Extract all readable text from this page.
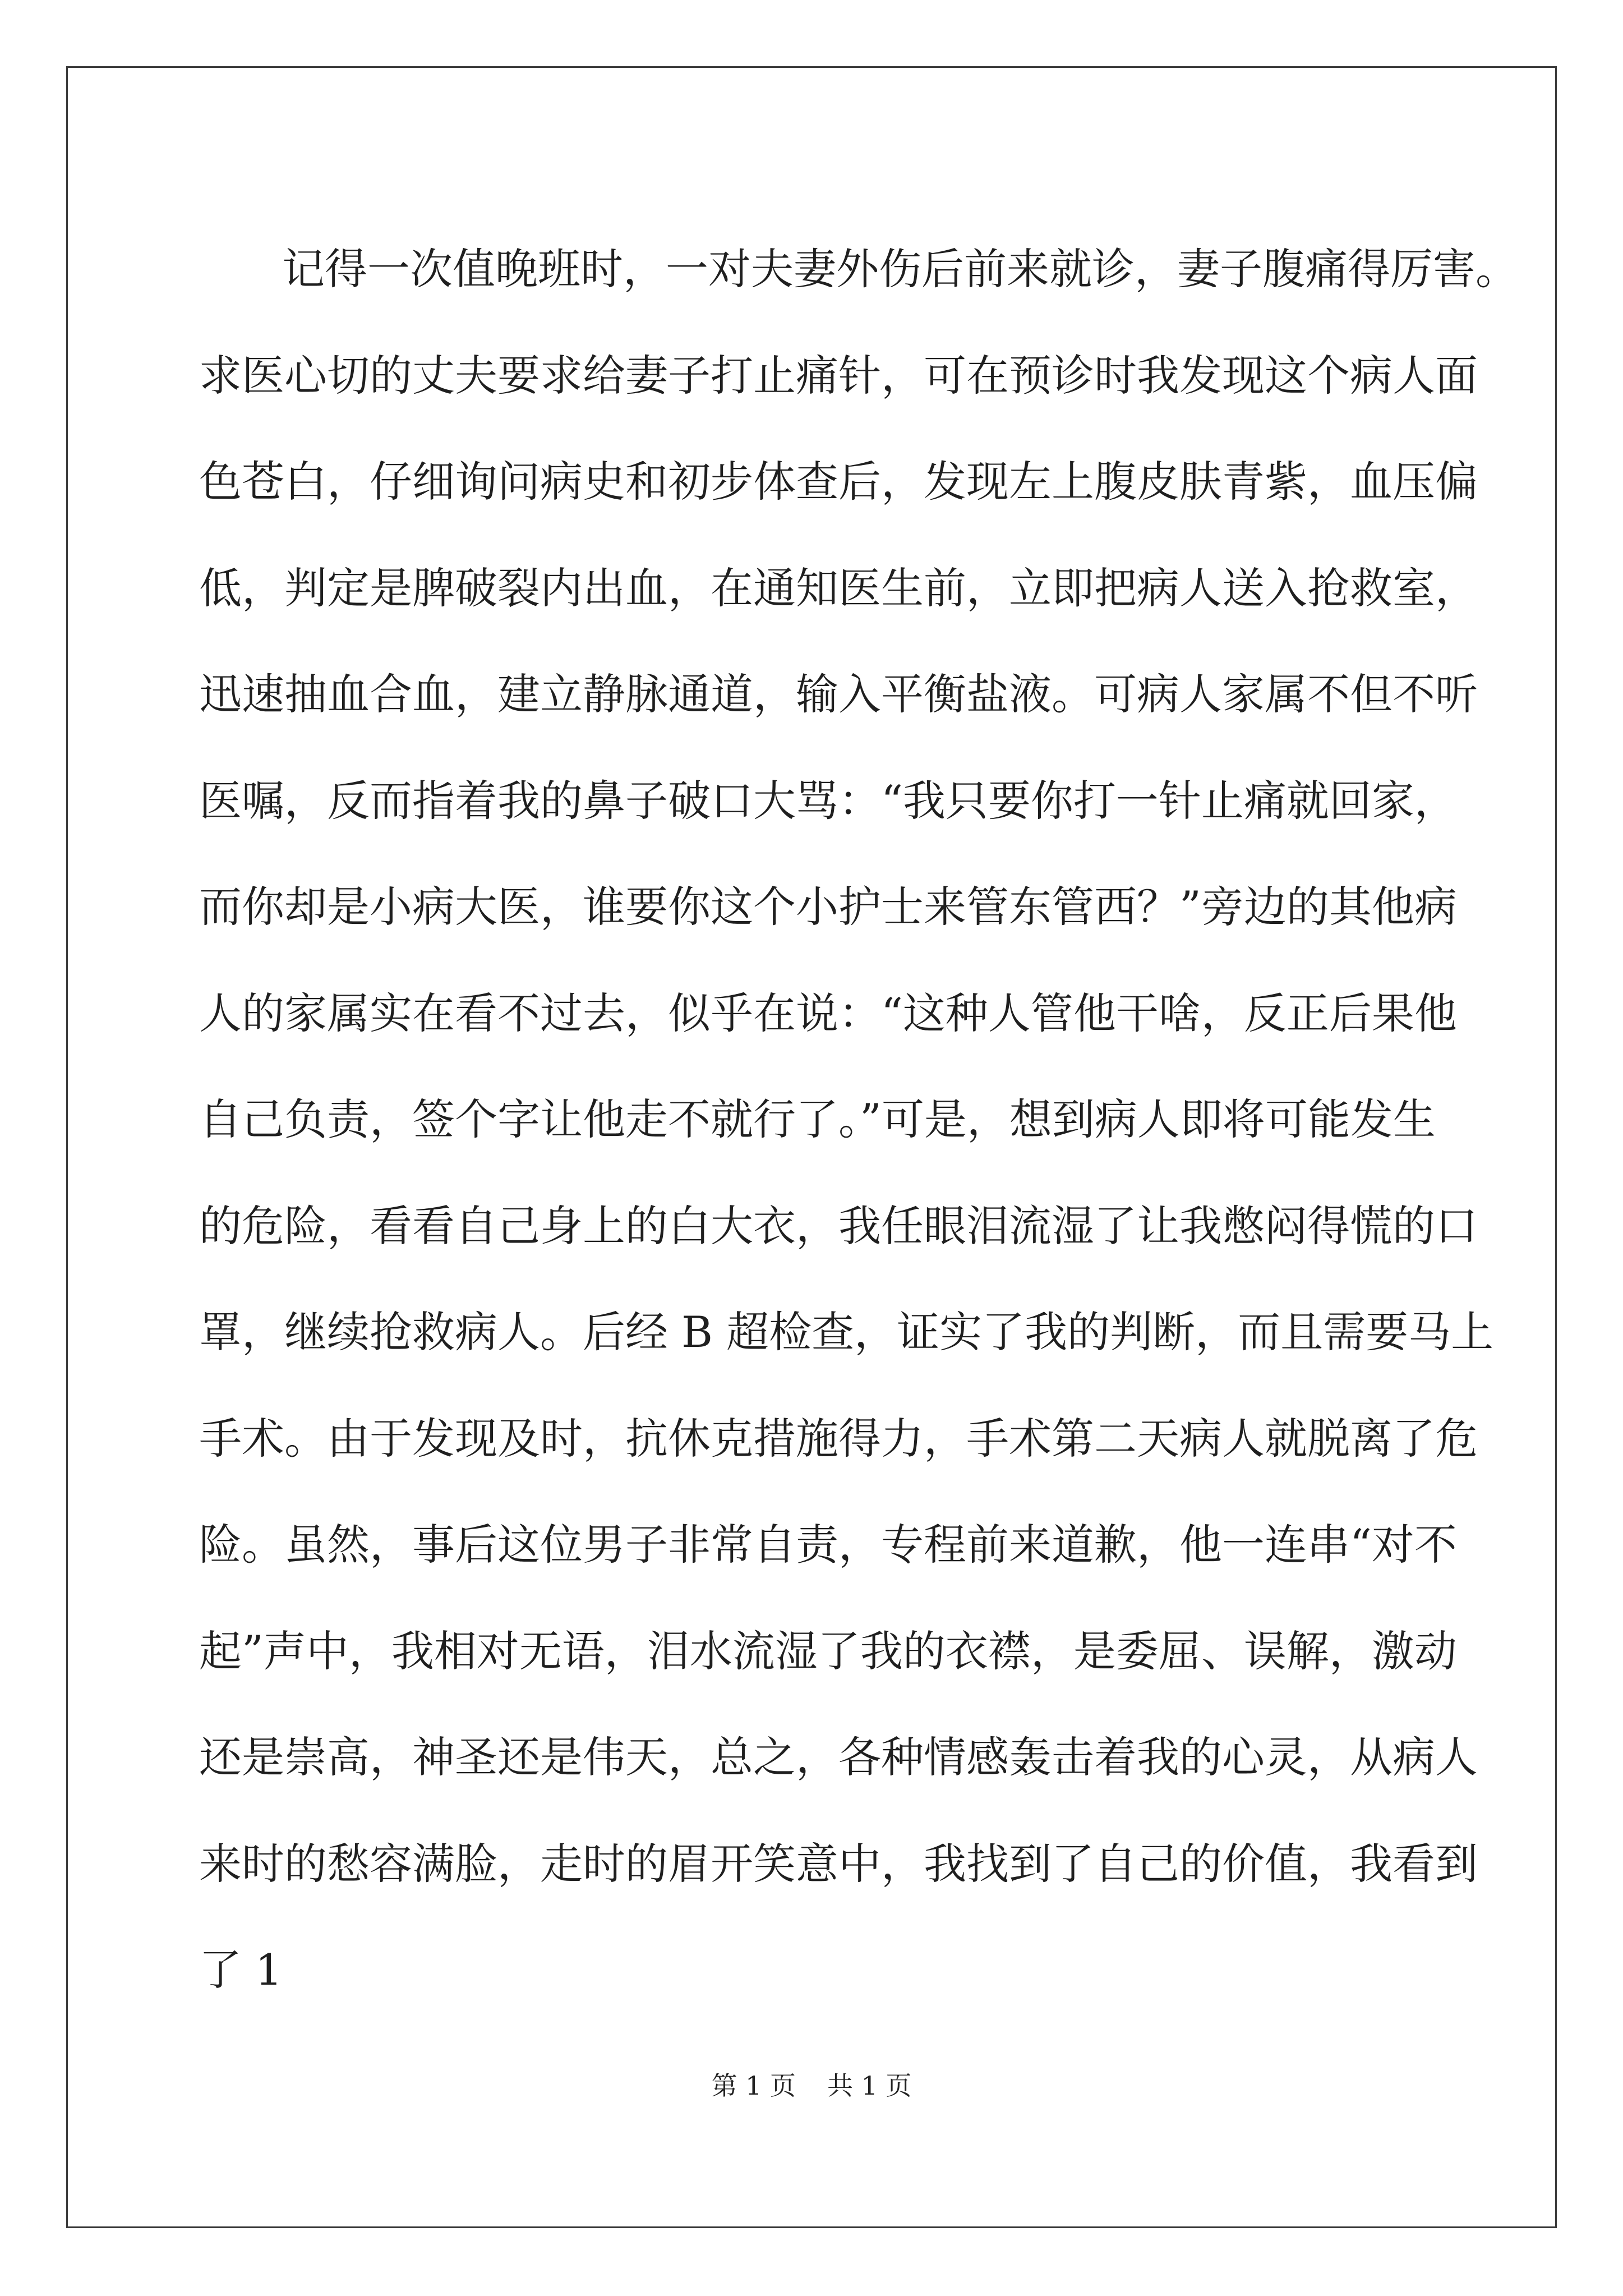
记得一次值晚班时，一对夫妻外伤后前来就诊，妻子腹痛得厉害。
求医心切的丈夫要求给妻子打止痛针，可在预诊时我发现这个病人面
色苍白，仔细询问病史和初步体查后，发现左上腹皮肤青紫，血压偏
低，判定是脾破裂内出血，在通知医生前，立即把病人送入抢救室，
迅速抽血合血，建立静脉通道，输入平衡盐液。可病人家属不但不听
医嘱，反而指着我的鼻子破口大骂：“我只要你打一针止痛就回家，
而你却是小病大医，谁要你这个小护士来管东管西？”旁边的其他病
人的家属实在看不过去，似乎在说：“这种人管他干啥，反正后果他
自己负责，签个字让他走不就行了。”可是，想到病人即将可能发生
的危险，看看自己身上的白大衣，我任眼泪流湿了让我憋闷得慌的口
罩，继续抢救病人。后经 B 超检查，证实了我的判断，而且需要马上
手术。由于发现及时，抗休克措施得力，手术第二天病人就脱离了危
险。虽然，事后这位男子非常自责，专程前来道歉，他一连串“对不
起”声中，我相对无语，泪水流湿了我的衣襟，是委屈、误解，激动
还是崇高，神圣还是伟天，总之，各种情感轰击着我的心灵，从病人
来时的愁容满脸，走时的眉开笑意中，我找到了自己的价值，我看到
了 1
第 1 页 共 1 页
